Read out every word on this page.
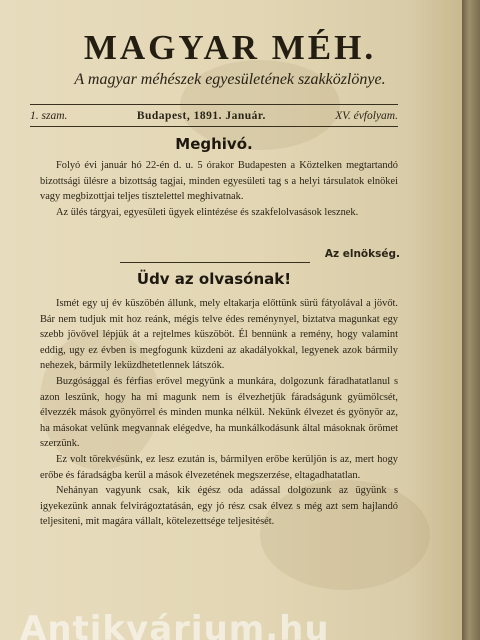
MAGYAR MÉH.
A magyar méhészek egyesületének szakközlönye.
1. szam.	Budapest, 1891. Január.	XV. évfolyam.
Meghivó.
Folyó évi január hó 22-én d. u. 5 órakor Budapesten a Köztelken megtartandó bizottsági ülésre a bizottság tagjai, minden egyesületi tag s a helyi társulatok elnökei vagy megbizottjai teljes tisztelettel meghivatnak.
Az ülés tárgyai, egyesületi ügyek elintézése és szakfelolvasások lesznek.
Az elnökség.
Üdv az olvasónak!
Ismét egy uj év küszöbén állunk, mely eltakarja előttünk sürü fátyolával a jövőt. Bár nem tudjuk mit hoz reánk, mégis telve édes reménynyel, biztatva magunkat egy szebb jövővel lépjük át a rejtelmes küszöböt. Él bennünk a remény, hogy valamint eddig, ugy ez évben is megfogunk küzdeni az akadályokkal, legyenek azok bármily nehezek, bármily leküzdhetetlennek látszók.
Buzgósággal és férfias erővel megyünk a munkára, dolgozunk fáradhatatlanul s azon leszünk, hogy ha mi magunk nem is élvezhetjük fáradságunk gyümölcsét, élvezzék mások gyönyörrel és minden munka nélkül. Nekünk élvezet és gyönyör az, ha másokat velünk megvannak elégedve, ha munkálkodásunk által másoknak örömet szerzünk.
Ez volt törekvésünk, ez lesz ezután is, bármilyen erőbe kerüljön is az, mert hogy erőbe és fáradságba kerül a mások élvezetének megszerzése, eltagadhatatlan.
Nehányan vagyunk csak, kik égész oda adással dolgozunk az ügyünk s igyekezünk annak felvirágoztatásán, egy jó rész csak élvez s még azt sem hajlandó teljesiteni, mit magára vállalt, kötelezettsége teljesitését.
Antikvárium.hu
